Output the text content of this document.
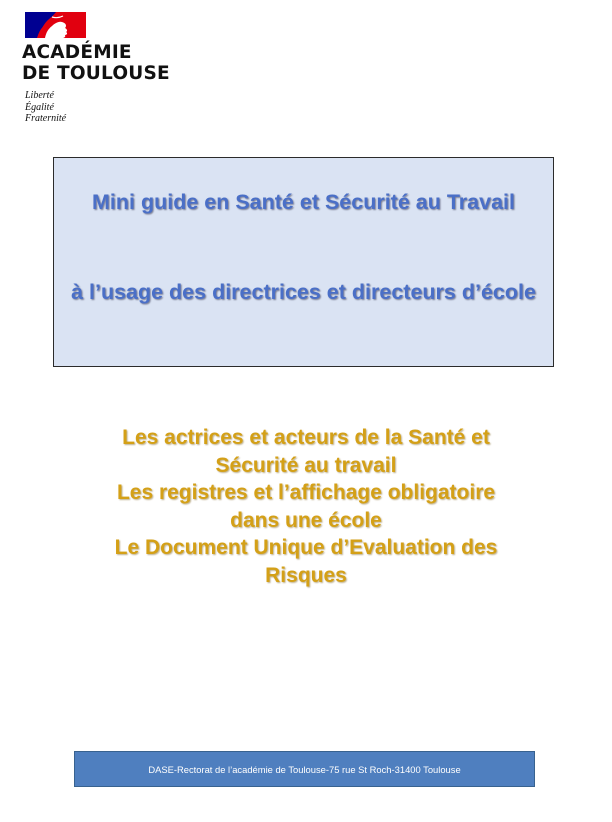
ACADÉMIE
DE TOULOUSE
Liberté
Égalité
Fraternité
Mini guide en Santé et Sécurité au Travail
à l’usage des directrices et directeurs d’école
Les actrices et acteurs de la Santé et
Sécurité au travail
Les registres et l’affichage obligatoire
dans une école
Le Document Unique d’Evaluation des
Risques
DASE-Rectorat de l’académie de Toulouse-75 rue St Roch-31400 Toulouse
